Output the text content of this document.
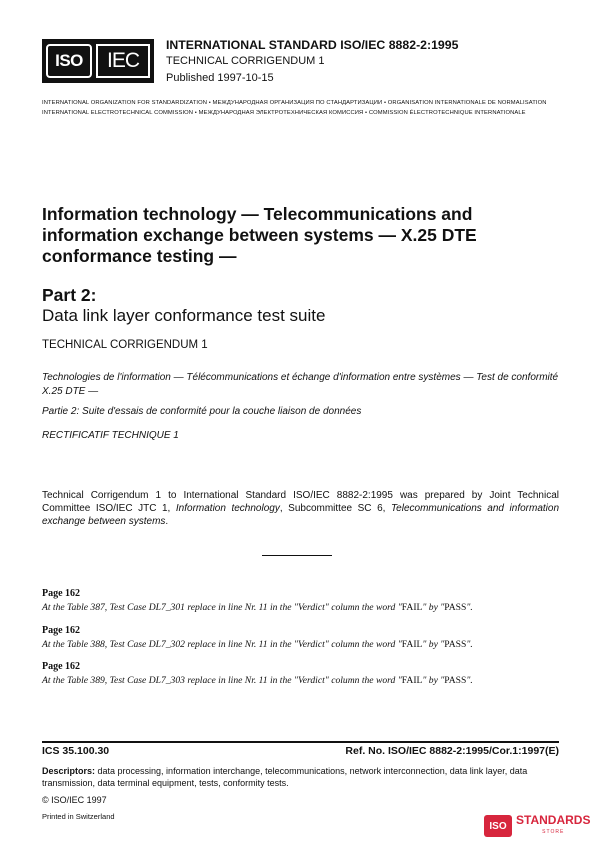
ISO IEC
INTERNATIONAL STANDARD ISO/IEC 8882-2:1995
TECHNICAL CORRIGENDUM 1
Published 1997-10-15
INTERNATIONAL ORGANIZATION FOR STANDARDIZATION • МЕЖДУНАРОДНАЯ ОРГАНИЗАЦИЯ ПО СТАНДАРТИЗАЦИИ • ORGANISATION INTERNATIONALE DE NORMALISATION
INTERNATIONAL ELECTROTECHNICAL COMMISSION • МЕЖДУНАРОДНАЯ ЭЛЕКТРОТЕХНИЧЕСКАЯ КОМИССИЯ • COMMISSION ÉLECTROTECHNIQUE INTERNATIONALE
Information technology — Telecommunications and information exchange between systems — X.25 DTE conformance testing —
Part 2:
Data link layer conformance test suite
TECHNICAL CORRIGENDUM 1
Technologies de l'information — Télécommunications et échange d'information entre systèmes — Test de conformité X.25 DTE —
Partie 2: Suite d'essais de conformité pour la couche liaison de données
RECTIFICATIF TECHNIQUE 1
Technical Corrigendum 1 to International Standard ISO/IEC 8882-2:1995 was prepared by Joint Technical Committee ISO/IEC JTC 1, Information technology, Subcommittee SC 6, Telecommunications and information exchange between systems.
Page 162
At the Table 387, Test Case DL7_301 replace in line Nr. 11 in the "Verdict" column the word "FAIL" by "PASS".
Page 162
At the Table 388, Test Case DL7_302 replace in line Nr. 11 in the "Verdict" column the word "FAIL" by "PASS".
Page 162
At the Table 389, Test Case DL7_303 replace in line Nr. 11 in the "Verdict" column the word "FAIL" by "PASS".
ICS 35.100.30	Ref. No. ISO/IEC 8882-2:1995/Cor.1:1997(E)
Descriptors: data processing, information interchange, telecommunications, network interconnection, data link layer, data transmission, data terminal equipment, tests, conformity tests.
© ISO/IEC 1997
Printed in Switzerland
ISO STANDARDS
STORE
